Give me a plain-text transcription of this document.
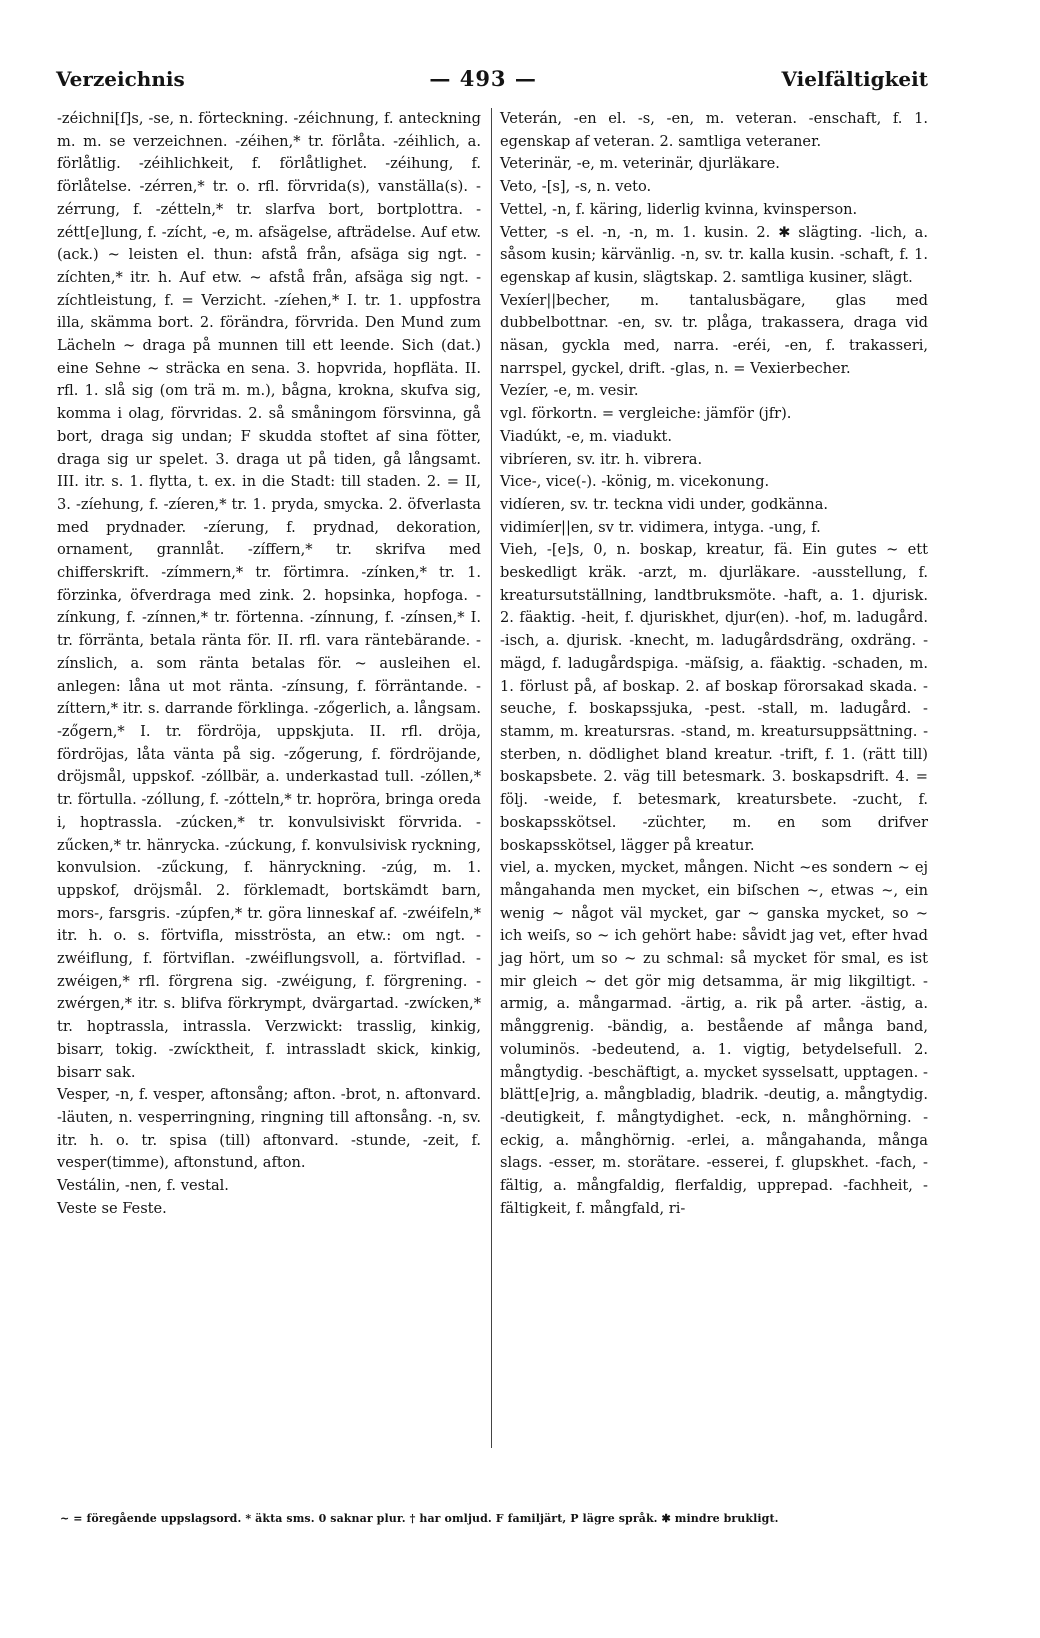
Verzeichnis	— 493 —	Vielfältigkeit

-zéichni[ſ]s, -se, n. förteckning. -zéichnung, f. anteckning m. m. se verzeichnen. -zéihen,* tr. förlåta. -zéihlich, a. förlåtlig. -zéihlichkeit, f. förlåtlighet. -zéihung, f. förlåtelse. -zérren,* tr. o. rfl. förvrida(s), vanställa(s). -zérrung, f. -zétteln,* tr. slarfva bort, bortplottra. -zétt[e]lung, f. -zícht, -e, m. afsägelse, afträdelse. Auf etw. (ack.) ~ leisten el. thun: afstå från, afsäga sig ngt. -zíchten,* itr. h. Auf etw. ~ afstå från, afsäga sig ngt. -zíchtleistung, f. = Verzicht. -zíehen,* I. tr. 1. uppfostra illa, skämma bort. 2. förändra, förvrida. Den Mund zum Lächeln ~ draga på munnen till ett leende. Sich (dat.) eine Sehne ~ sträcka en sena. 3. hopvrida, hopfläta. II. rfl. 1. slå sig (om trä m. m.), bågna, krokna, skufva sig, komma i olag, förvridas. 2. så småningom försvinna, gå bort, draga sig undan; F skudda stoftet af sina fötter, draga sig ur spelet. 3. draga ut på tiden, gå långsamt. III. itr. s. 1. flytta, t. ex. in die Stadt: till staden. 2. = II, 3. -zíehung, f. -zíeren,* tr. 1. pryda, smycka. 2. öfverlasta med prydnader. -zíerung, f. prydnad, dekoration, ornament, grannlåt. -zíffern,* tr. skrifva med chifferskrift. -zímmern,* tr. förtimra. -zínken,* tr. 1. förzinka, öfverdraga med zink. 2. hopsinka, hopfoga. -zínkung, f. -zínnen,* tr. förtenna. -zínnung, f. -zínsen,* I. tr. förränta, betala ränta för. II. rfl. vara räntebärande. -zínslich, a. som ränta betalas för. ~ ausleihen el. anlegen: låna ut mot ränta. -zínsung, f. förräntande. -zíttern,* itr. s. darrande förklinga. -zőgerlich, a. långsam. -zőgern,* I. tr. fördröja, uppskjuta. II. rfl. dröja, fördröjas, låta vänta på sig. -zőgerung, f. fördröjande, dröjsmål, uppskof. -zóllbär, a. underkastad tull. -zóllen,* tr. förtulla. -zóllung, f. -zótteln,* tr. hopröra, bringa oreda i, hoptrassla. -zúcken,* tr. konvulsiviskt förvrida. -zűcken,* tr. hänrycka. -zúckung, f. konvulsivisk ryckning, konvulsion. -zűckung, f. hänryckning. -zúg, m. 1. uppskof, dröjsmål. 2. förklemadt, bortskämdt barn, mors-, farsgris. -zúpfen,* tr. göra linneskaf af. -zwéifeln,* itr. h. o. s. förtvifla, misströsta, an etw.: om ngt. -zwéiflung, f. förtviflan. -zwéiflungsvoll, a. förtviflad. -zwéigen,* rfl. förgrena sig. -zwéigung, f. förgrening. -zwérgen,* itr. s. blifva förkrympt, dvärgartad. -zwícken,* tr. hoptrassla, intrassla. Verzwickt: trasslig, kinkig, bisarr, tokig. -zwícktheit, f. intrassladt skick, kinkig, bisarr sak.

Vesper, -n, f. vesper, aftonsång; afton. -brot, n. aftonvard. -läuten, n. vesperringning, ringning till aftonsång. -n, sv. itr. h. o. tr. spisa (till) aftonvard. -stunde, -zeit, f. vesper(timme), aftonstund, afton.

Vestálin, -nen, f. vestal.

Veste se Feste.

Veterán, -en el. -s, -en, m. veteran. -enschaft, f. 1. egenskap af veteran. 2. samtliga veteraner.

Veterinär, -e, m. veterinär, djurläkare.

Veto, -[s], -s, n. veto.

Vettel, -n, f. käring, liderlig kvinna, kvinsperson.

Vetter, -s el. -n, -n, m. 1. kusin. 2. ✱ slägting. -lich, a. såsom kusin; kärvänlig. -n, sv. tr. kalla kusin. -schaft, f. 1. egenskap af kusin, slägtskap. 2. samtliga kusiner, slägt.

Vexíer||becher, m. tantalusbägare, glas med dubbelbottnar. -en, sv. tr. plåga, trakassera, draga vid näsan, gyckla med, narra. -eréi, -en, f. trakasseri, narrspel, gyckel, drift. -glas, n. = Vexierbecher.

Vezíer, -e, m. vesir.

vgl. förkortn. = vergleiche: jämför (jfr).

Viadúkt, -e, m. viadukt.

vibríeren, sv. itr. h. vibrera.

Vice-, vice(-). -könig, m. vicekonung.

vidíeren, sv. tr. teckna vidi under, godkänna.

vidimíer||en, sv tr. vidimera, intyga. -ung, f.

Vieh, -[e]s, 0, n. boskap, kreatur, fä. Ein gutes ~ ett beskedligt kräk. -arzt, m. djurläkare. -ausstellung, f. kreatursutställning, landtbruksmöte. -haft, a. 1. djurisk. 2. fäaktig. -heit, f. djuriskhet, djur(en). -hof, m. ladugård. -isch, a. djurisk. -knecht, m. ladugårdsdräng, oxdräng. -mägd, f. ladugårdspiga. -mäſsig, a. fäaktig. -schaden, m. 1. förlust på, af boskap. 2. af boskap förorsakad skada. -seuche, f. boskapssjuka, -pest. -stall, m. ladugård. -stamm, m. kreatursras. -stand, m. kreatursuppsättning. -sterben, n. dödlighet bland kreatur. -trift, f. 1. (rätt till) boskapsbete. 2. väg till betesmark. 3. boskapsdrift. 4. = följ. -weide, f. betesmark, kreatursbete. -zucht, f. boskapsskötsel. -züchter, m. en som drifver boskapsskötsel, lägger på kreatur.

viel, a. mycken, mycket, mången. Nicht ~es sondern ~ ej mångahanda men mycket, ein biſschen ~, etwas ~, ein wenig ~ något väl mycket, gar ~ ganska mycket, so ~ ich weiſs, so ~ ich gehört habe: såvidt jag vet, efter hvad jag hört, um so ~ zu schmal: så mycket för smal, es ist mir gleich ~ det gör mig detsamma, är mig likgiltigt. -armig, a. mångarmad. -ärtig, a. rik på arter. -ästig, a. månggrenig. -bändig, a. bestående af många band, voluminös. -bedeutend, a. 1. vigtig, betydelsefull. 2. mångtydig. -beschäftigt, a. mycket sysselsatt, upptagen. -blätt[e]rig, a. mångbladig, bladrik. -deutig, a. mångtydig. -deutigkeit, f. mångtydighet. -eck, n. månghörning. -eckig, a. månghörnig. -erlei, a. mångahanda, många slags. -esser, m. storätare. -esserei, f. glupskhet. -fach, -fältig, a. mångfaldig, flerfaldig, upprepad. -fachheit, -fältigkeit, f. mångfald, ri-

~ = föregående uppslagsord. * äkta sms. 0 saknar plur. † har omljud. F familjärt, P lägre språk. ✱ mindre brukligt.
